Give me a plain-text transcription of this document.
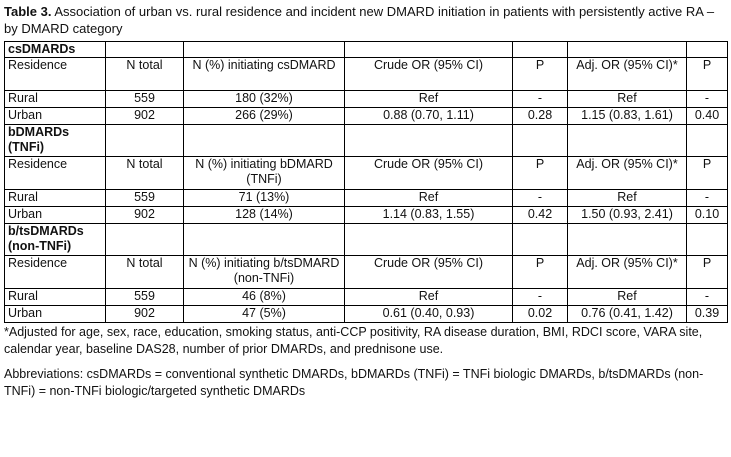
Table 3. Association of urban vs. rural residence and incident new DMARD initiation in patients with persistently active RA – by DMARD category
csDMARDs						
Residence	N total	N (%) initiating csDMARD	Crude OR (95% CI)	P	Adj. OR (95% CI)*	P
Rural	559	180 (32%)	Ref	-	Ref	-
Urban	902	266 (29%)	0.88 (0.70, 1.11)	0.28	1.15 (0.83, 1.61)	0.40
bDMARDs (TNFi)						
Residence	N total	N (%) initiating bDMARD (TNFi)	Crude OR (95% CI)	P	Adj. OR (95% CI)*	P
Rural	559	71 (13%)	Ref	-	Ref	-
Urban	902	128 (14%)	1.14 (0.83, 1.55)	0.42	1.50 (0.93, 2.41)	0.10
b/tsDMARDs (non-TNFi)						
Residence	N total	N (%) initiating b/tsDMARD (non-TNFi)	Crude OR (95% CI)	P	Adj. OR (95% CI)*	P
Rural	559	46 (8%)	Ref	-	Ref	-
Urban	902	47 (5%)	0.61 (0.40, 0.93)	0.02	0.76 (0.41, 1.42)	0.39
*Adjusted for age, sex, race, education, smoking status, anti-CCP positivity, RA disease duration, BMI, RDCI score, VARA site, calendar year, baseline DAS28, number of prior DMARDs, and prednisone use.
Abbreviations: csDMARDs = conventional synthetic DMARDs, bDMARDs (TNFi) = TNFi biologic DMARDs, b/tsDMARDs (non-TNFi) = non-TNFi biologic/targeted synthetic DMARDs
